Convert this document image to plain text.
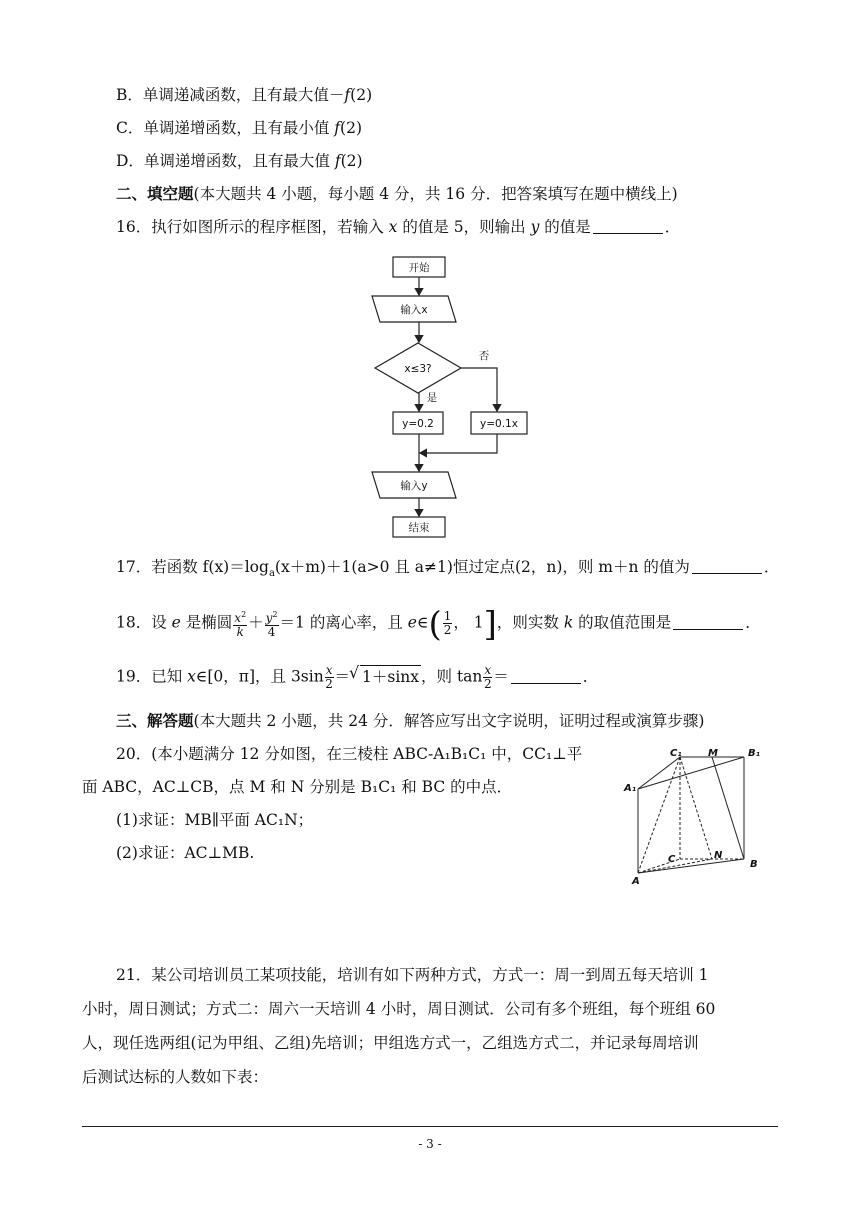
B．单调递减函数，且有最大值－f(2)
C．单调递增函数，且有最小值 f(2)
D．单调递增函数，且有最大值 f(2)
二、填空题(本大题共 4 小题，每小题 4 分，共 16 分．把答案填写在题中横线上)
16．执行如图所示的程序框图，若输入 x 的值是 5，则输出 y 的值是	．
开始
输入x
x≤3?
否
是
y=0.2	y=0.1x
输入y
结束
17．若函数 $f(x)=\log_a(x+m)+1(a>0$ 且 a≠1)恒过定点(2，n)，则 m＋n 的值为	．
18．设 e 是椭圆 $\frac{x^2}{k} + \frac{y^2}{4} =1$ 的离心率，且 e∈( $\frac{1}{2}$ ， 1]，则实数 k 的取值范围是	．
19．已知 x∈[0，π]，且 $3\sin \frac{x}{2}$ ＝√ 1＋sinx ，则 $\tan \frac{x}{2}$ ＝	．
三、解答题(本大题共 2 小题，共 24 分．解答应写出文字说明，证明过程或演算步骤)
20．(本小题满分 12 分如图，在三棱柱 ABC-A₁B₁C₁ 中，CC₁⊥平
面 ABC，AC⊥CB，点 M 和 N 分别是 B₁C₁ 和 BC 的中点．
(1)求证：MB∥平面 AC₁N；
(2)求证：AC⊥MB.
C₁	M	B₁
A₁
C	N
B
A
21．某公司培训员工某项技能，培训有如下两种方式，方式一：周一到周五每天培训 1
小时，周日测试；方式二：周六一天培训 4 小时，周日测试．公司有多个班组，每个班组 60
人，现任选两组(记为甲组、乙组)先培训；甲组选方式一，乙组选方式二，并记录每周培训
后测试达标的人数如下表：
- 3 -
